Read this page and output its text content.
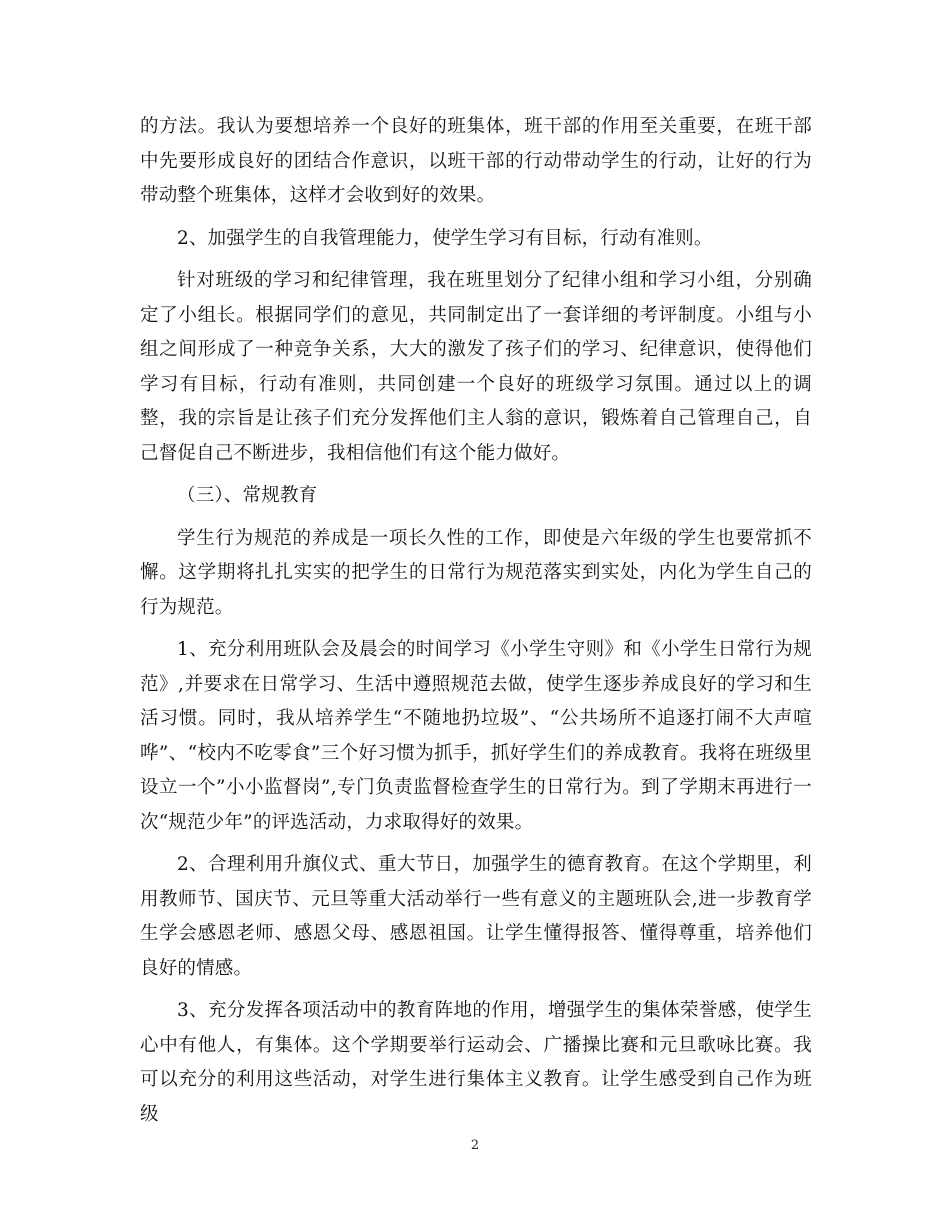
的方法。我认为要想培养一个良好的班集体，班干部的作用至关重要，在班干部中先要形成良好的团结合作意识，以班干部的行动带动学生的行动，让好的行为带动整个班集体，这样才会收到好的效果。

2、加强学生的自我管理能力，使学生学习有目标，行动有准则。

针对班级的学习和纪律管理，我在班里划分了纪律小组和学习小组，分别确定了小组长。根据同学们的意见，共同制定出了一套详细的考评制度。小组与小组之间形成了一种竞争关系，大大的激发了孩子们的学习、纪律意识，使得他们学习有目标，行动有准则，共同创建一个良好的班级学习氛围。通过以上的调整，我的宗旨是让孩子们充分发挥他们主人翁的意识，锻炼着自己管理自己，自己督促自己不断进步，我相信他们有这个能力做好。

（三）、常规教育

学生行为规范的养成是一项长久性的工作，即使是六年级的学生也要常抓不懈。这学期将扎扎实实的把学生的日常行为规范落实到实处，内化为学生自己的行为规范。

1、充分利用班队会及晨会的时间学习《小学生守则》和《小学生日常行为规范》,并要求在日常学习、生活中遵照规范去做，使学生逐步养成良好的学习和生活习惯。同时，我从培养学生“不随地扔垃圾”、“公共场所不追逐打闹不大声喧哗”、“校内不吃零食”三个好习惯为抓手，抓好学生们的养成教育。我将在班级里设立一个”小小监督岗”,专门负责监督检查学生的日常行为。到了学期末再进行一次“规范少年”的评选活动，力求取得好的效果。

2、合理利用升旗仪式、重大节日，加强学生的德育教育。在这个学期里，利用教师节、国庆节、元旦等重大活动举行一些有意义的主题班队会,进一步教育学生学会感恩老师、感恩父母、感恩祖国。让学生懂得报答、懂得尊重，培养他们良好的情感。

3、充分发挥各项活动中的教育阵地的作用，增强学生的集体荣誉感，使学生心中有他人，有集体。这个学期要举行运动会、广播操比赛和元旦歌咏比赛。我可以充分的利用这些活动，对学生进行集体主义教育。让学生感受到自己作为班级

2
